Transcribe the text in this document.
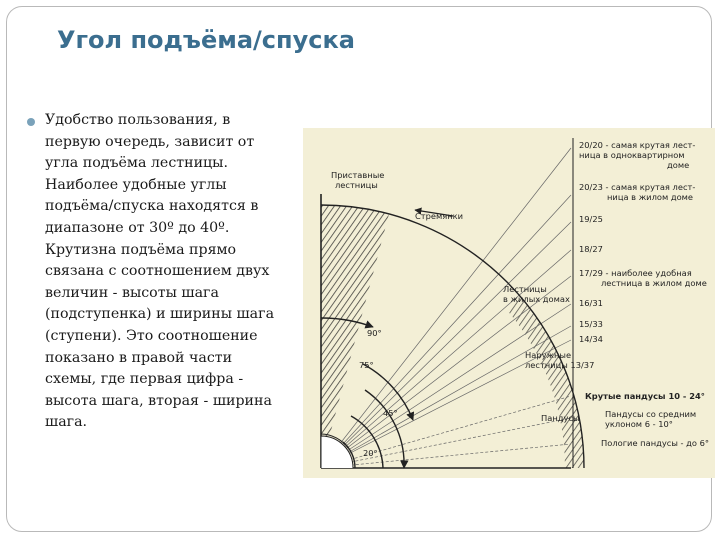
Угол подъёма/спуска

Удобство пользования, в
первую очередь, зависит от
угла подъёма лестницы.
Наиболее удобные углы
подъёма/спуска находятся в
диапазоне от 30º до 40º.
Крутизна подъёма прямо
связана с соотношением двух
величин - высоты шага
(подступенка) и ширины шага
(ступени). Это соотношение
показано в правой части
схемы, где первая цифра -
высота шага, вторая - ширина
шага.

Приставные
лестницы
Стремянки
Лестницы
в жилых домах
Наружные
лестницы 13/37
Пандусы
90°
75°
45°
20°
20/20 - самая крутая лест-
ница в одноквартирном
доме
20/23 - самая крутая лест-
ница в жилом доме
19/25
18/27
17/29 - наиболее удобная
лестница в жилом доме
16/31
15/33
14/34
Крутые пандусы 10 - 24°
Пандусы со средним
уклоном 6 - 10°
Пологие пандусы - до 6°
